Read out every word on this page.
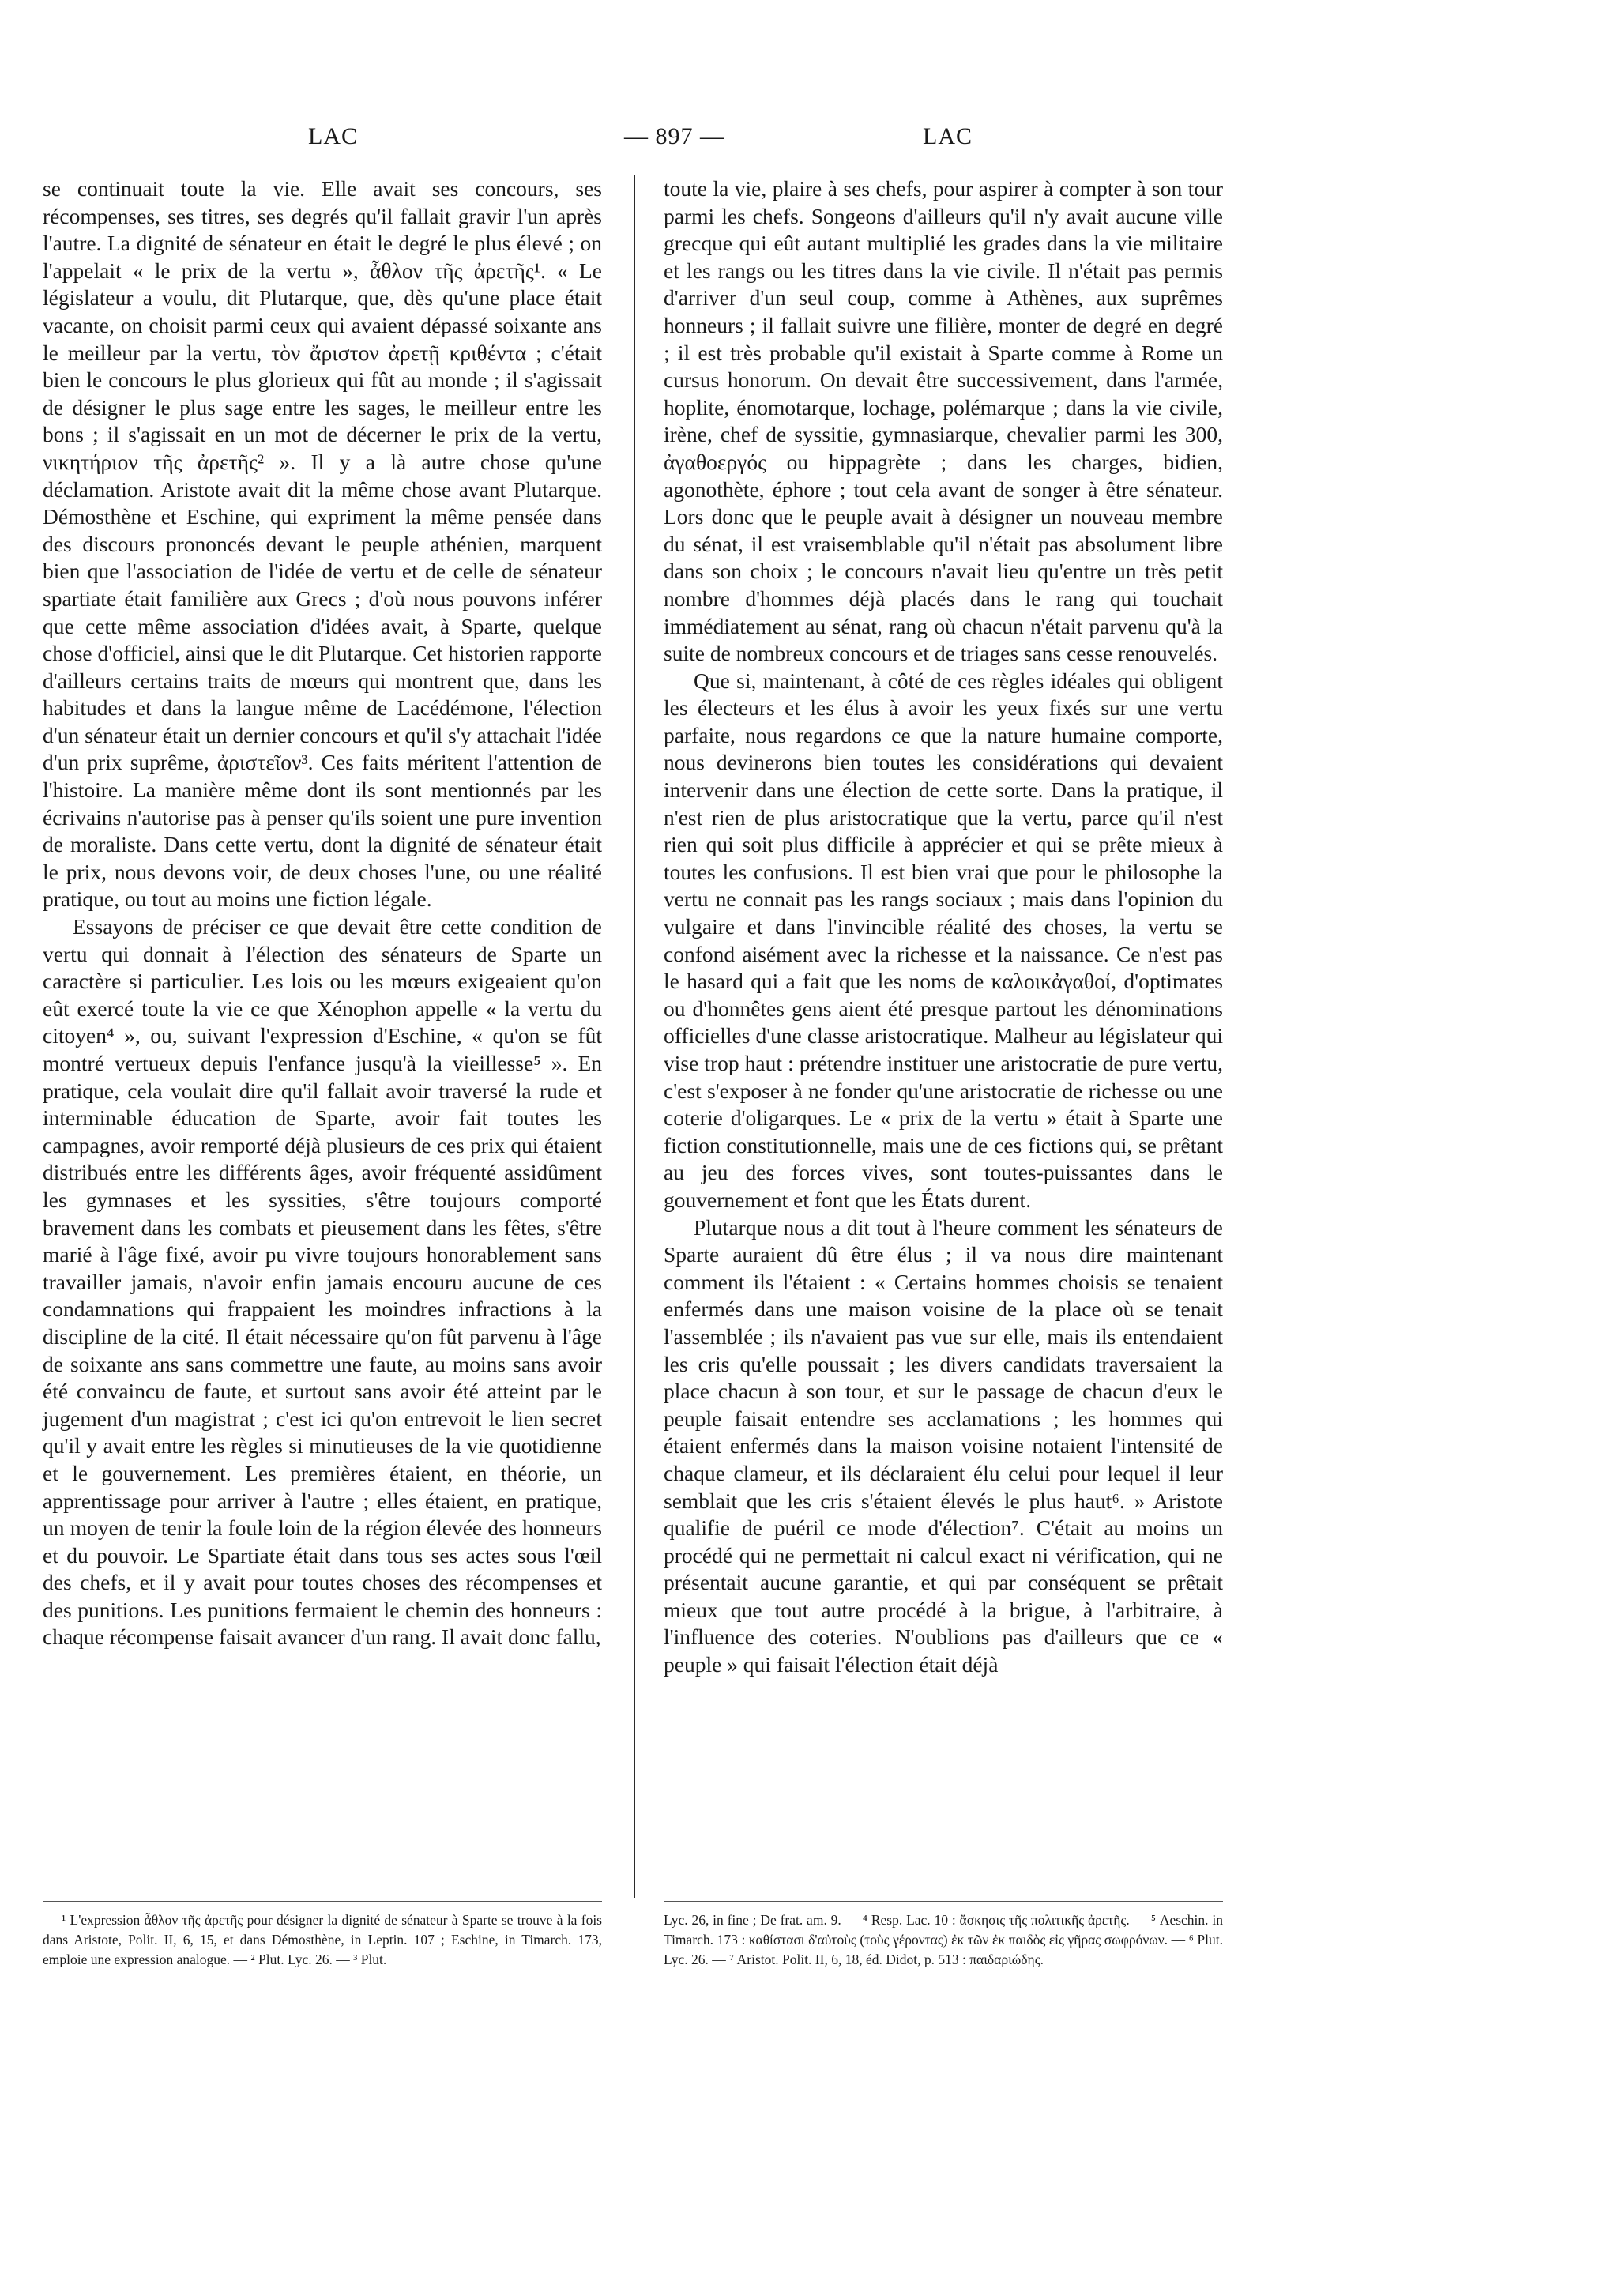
LAC	— 897 —	LAC

se continuait toute la vie. Elle avait ses concours, ses récompenses, ses titres, ses degrés qu'il fallait gravir l'un après l'autre. La dignité de sénateur en était le degré le plus élevé ; on l'appelait « le prix de la vertu », ἆθλον τῆς ἀρετῆς¹. « Le législateur a voulu, dit Plutarque, que, dès qu'une place était vacante, on choisit parmi ceux qui avaient dépassé soixante ans le meilleur par la vertu, τὸν ἄριστον ἀρετῇ κριθέντα ; c'était bien le concours le plus glorieux qui fût au monde ; il s'agissait de désigner le plus sage entre les sages, le meilleur entre les bons ; il s'agissait en un mot de décerner le prix de la vertu, νικητήριον τῆς ἀρετῆς² ». Il y a là autre chose qu'une déclamation. Aristote avait dit la même chose avant Plutarque. Démosthène et Eschine, qui expriment la même pensée dans des discours prononcés devant le peuple athénien, marquent bien que l'association de l'idée de vertu et de celle de sénateur spartiate était familière aux Grecs ; d'où nous pouvons inférer que cette même association d'idées avait, à Sparte, quelque chose d'officiel, ainsi que le dit Plutarque. Cet historien rapporte d'ailleurs certains traits de mœurs qui montrent que, dans les habitudes et dans la langue même de Lacédémone, l'élection d'un sénateur était un dernier concours et qu'il s'y attachait l'idée d'un prix suprême, ἀριστεῖον³. Ces faits méritent l'attention de l'histoire. La manière même dont ils sont mentionnés par les écrivains n'autorise pas à penser qu'ils soient une pure invention de moraliste. Dans cette vertu, dont la dignité de sénateur était le prix, nous devons voir, de deux choses l'une, ou une réalité pratique, ou tout au moins une fiction légale.

Essayons de préciser ce que devait être cette condition de vertu qui donnait à l'élection des sénateurs de Sparte un caractère si particulier. Les lois ou les mœurs exigeaient qu'on eût exercé toute la vie ce que Xénophon appelle « la vertu du citoyen⁴ », ou, suivant l'expression d'Eschine, « qu'on se fût montré vertueux depuis l'enfance jusqu'à la vieillesse⁵ ». En pratique, cela voulait dire qu'il fallait avoir traversé la rude et interminable éducation de Sparte, avoir fait toutes les campagnes, avoir remporté déjà plusieurs de ces prix qui étaient distribués entre les différents âges, avoir fréquenté assidûment les gymnases et les syssities, s'être toujours comporté bravement dans les combats et pieusement dans les fêtes, s'être marié à l'âge fixé, avoir pu vivre toujours honorablement sans travailler jamais, n'avoir enfin jamais encouru aucune de ces condamnations qui frappaient les moindres infractions à la discipline de la cité. Il était nécessaire qu'on fût parvenu à l'âge de soixante ans sans commettre une faute, au moins sans avoir été convaincu de faute, et surtout sans avoir été atteint par le jugement d'un magistrat ; c'est ici qu'on entrevoit le lien secret qu'il y avait entre les règles si minutieuses de la vie quotidienne et le gouvernement. Les premières étaient, en théorie, un apprentissage pour arriver à l'autre ; elles étaient, en pratique, un moyen de tenir la foule loin de la région élevée des honneurs et du pouvoir. Le Spartiate était dans tous ses actes sous l'œil des chefs, et il y avait pour toutes choses des récompenses et des punitions. Les punitions fermaient le chemin des honneurs : chaque récompense faisait avancer d'un rang. Il avait donc fallu,

toute la vie, plaire à ses chefs, pour aspirer à compter à son tour parmi les chefs. Songeons d'ailleurs qu'il n'y avait aucune ville grecque qui eût autant multiplié les grades dans la vie militaire et les rangs ou les titres dans la vie civile. Il n'était pas permis d'arriver d'un seul coup, comme à Athènes, aux suprêmes honneurs ; il fallait suivre une filière, monter de degré en degré ; il est très probable qu'il existait à Sparte comme à Rome un cursus honorum. On devait être successivement, dans l'armée, hoplite, énomotarque, lochage, polémarque ; dans la vie civile, irène, chef de syssitie, gymnasiarque, chevalier parmi les 300, ἀγαθοεργός ou hippagrète ; dans les charges, bidien, agonothète, éphore ; tout cela avant de songer à être sénateur. Lors donc que le peuple avait à désigner un nouveau membre du sénat, il est vraisemblable qu'il n'était pas absolument libre dans son choix ; le concours n'avait lieu qu'entre un très petit nombre d'hommes déjà placés dans le rang qui touchait immédiatement au sénat, rang où chacun n'était parvenu qu'à la suite de nombreux concours et de triages sans cesse renouvelés.

Que si, maintenant, à côté de ces règles idéales qui obligent les électeurs et les élus à avoir les yeux fixés sur une vertu parfaite, nous regardons ce que la nature humaine comporte, nous devinerons bien toutes les considérations qui devaient intervenir dans une élection de cette sorte. Dans la pratique, il n'est rien de plus aristocratique que la vertu, parce qu'il n'est rien qui soit plus difficile à apprécier et qui se prête mieux à toutes les confusions. Il est bien vrai que pour le philosophe la vertu ne connait pas les rangs sociaux ; mais dans l'opinion du vulgaire et dans l'invincible réalité des choses, la vertu se confond aisément avec la richesse et la naissance. Ce n'est pas le hasard qui a fait que les noms de καλοικἀγαθοί, d'optimates ou d'honnêtes gens aient été presque partout les dénominations officielles d'une classe aristocratique. Malheur au législateur qui vise trop haut : prétendre instituer une aristocratie de pure vertu, c'est s'exposer à ne fonder qu'une aristocratie de richesse ou une coterie d'oligarques. Le « prix de la vertu » était à Sparte une fiction constitutionnelle, mais une de ces fictions qui, se prêtant au jeu des forces vives, sont toutes-puissantes dans le gouvernement et font que les États durent.

Plutarque nous a dit tout à l'heure comment les sénateurs de Sparte auraient dû être élus ; il va nous dire maintenant comment ils l'étaient : « Certains hommes choisis se tenaient enfermés dans une maison voisine de la place où se tenait l'assemblée ; ils n'avaient pas vue sur elle, mais ils entendaient les cris qu'elle poussait ; les divers candidats traversaient la place chacun à son tour, et sur le passage de chacun d'eux le peuple faisait entendre ses acclamations ; les hommes qui étaient enfermés dans la maison voisine notaient l'intensité de chaque clameur, et ils déclaraient élu celui pour lequel il leur semblait que les cris s'étaient élevés le plus haut⁶. » Aristote qualifie de puéril ce mode d'élection⁷. C'était au moins un procédé qui ne permettait ni calcul exact ni vérification, qui ne présentait aucune garantie, et qui par conséquent se prêtait mieux que tout autre procédé à la brigue, à l'arbitraire, à l'influence des coteries. N'oublions pas d'ailleurs que ce « peuple » qui faisait l'élection était déjà

¹ L'expression ἆθλον τῆς ἀρετῆς pour désigner la dignité de sénateur à Sparte se trouve à la fois dans Aristote, Polit. II, 6, 15, et dans Démosthène, in Leptin. 107 ; Eschine, in Timarch. 173, emploie une expression analogue. — ² Plut. Lyc. 26. — ³ Plut.

Lyc. 26, in fine ; De frat. am. 9. — ⁴ Resp. Lac. 10 : ἄσκησις τῆς πολιτικῆς ἀρετῆς. — ⁵ Aeschin. in Timarch. 173 : καθίστασι δ'αὐτοὺς (τοὺς γέροντας) ἐκ τῶν ἐκ παιδὸς εἰς γῆρας σωφρόνων. — ⁶ Plut. Lyc. 26. — ⁷ Aristot. Polit. II, 6, 18, éd. Didot, p. 513 : παιδαριώδης.
